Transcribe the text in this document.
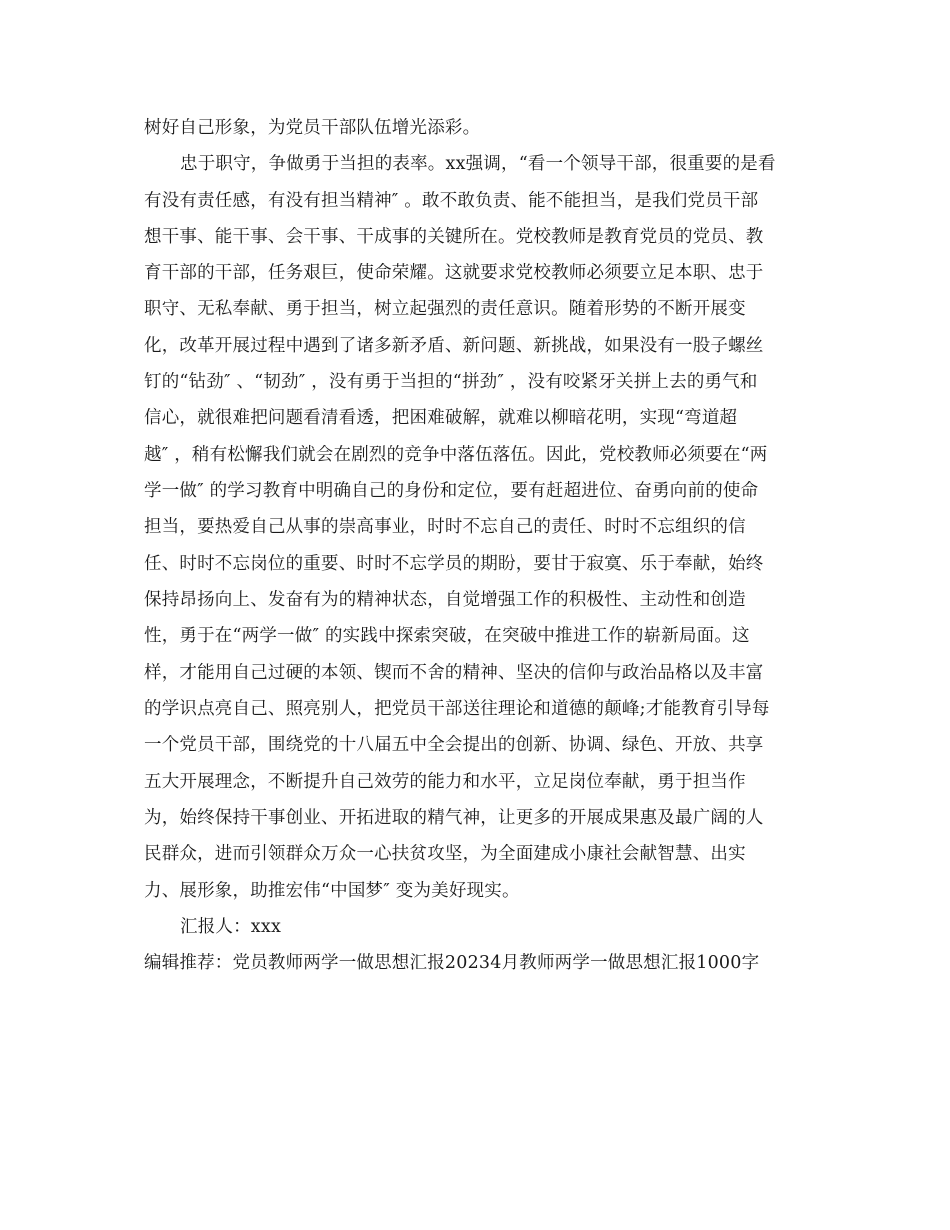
树好自己形象，为党员干部队伍增光添彩。
忠于职守，争做勇于当担的表率。xx强调，“看一个领导干部，很重要的是看
有没有责任感，有没有担当精神″ 。敢不敢负责、能不能担当，是我们党员干部
想干事、能干事、会干事、干成事的关键所在。党校教师是教育党员的党员、教
育干部的干部，任务艰巨，使命荣耀。这就要求党校教师必须要立足本职、忠于
职守、无私奉献、勇于担当，树立起强烈的责任意识。随着形势的不断开展变
化，改革开展过程中遇到了诸多新矛盾、新问题、新挑战，如果没有一股子螺丝
钉的“钻劲″ 、“韧劲″ ，没有勇于当担的“拼劲″ ，没有咬紧牙关拼上去的勇气和
信心，就很难把问题看清看透，把困难破解，就难以柳暗花明，实现“弯道超
越″ ，稍有松懈我们就会在剧烈的竞争中落伍落伍。因此，党校教师必须要在“两
学一做″ 的学习教育中明确自己的身份和定位，要有赶超进位、奋勇向前的使命
担当，要热爱自己从事的崇高事业，时时不忘自己的责任、时时不忘组织的信
任、时时不忘岗位的重要、时时不忘学员的期盼，要甘于寂寞、乐于奉献，始终
保持昂扬向上、发奋有为的精神状态，自觉增强工作的积极性、主动性和创造
性，勇于在“两学一做″ 的实践中探索突破，在突破中推进工作的崭新局面。这
样，才能用自己过硬的本领、锲而不舍的精神、坚决的信仰与政治品格以及丰富
的学识点亮自己、照亮别人，把党员干部送往理论和道德的颠峰;才能教育引导每
一个党员干部，围绕党的十八届五中全会提出的创新、协调、绿色、开放、共享
五大开展理念，不断提升自己效劳的能力和水平，立足岗位奉献，勇于担当作
为，始终保持干事创业、开拓进取的精气神，让更多的开展成果惠及最广阔的人
民群众，进而引领群众万众一心扶贫攻坚，为全面建成小康社会献智慧、出实
力、展形象，助推宏伟“中国梦″ 变为美好现实。
汇报人：xxx
编辑推荐：党员教师两学一做思想汇报20234月教师两学一做思想汇报1000字
